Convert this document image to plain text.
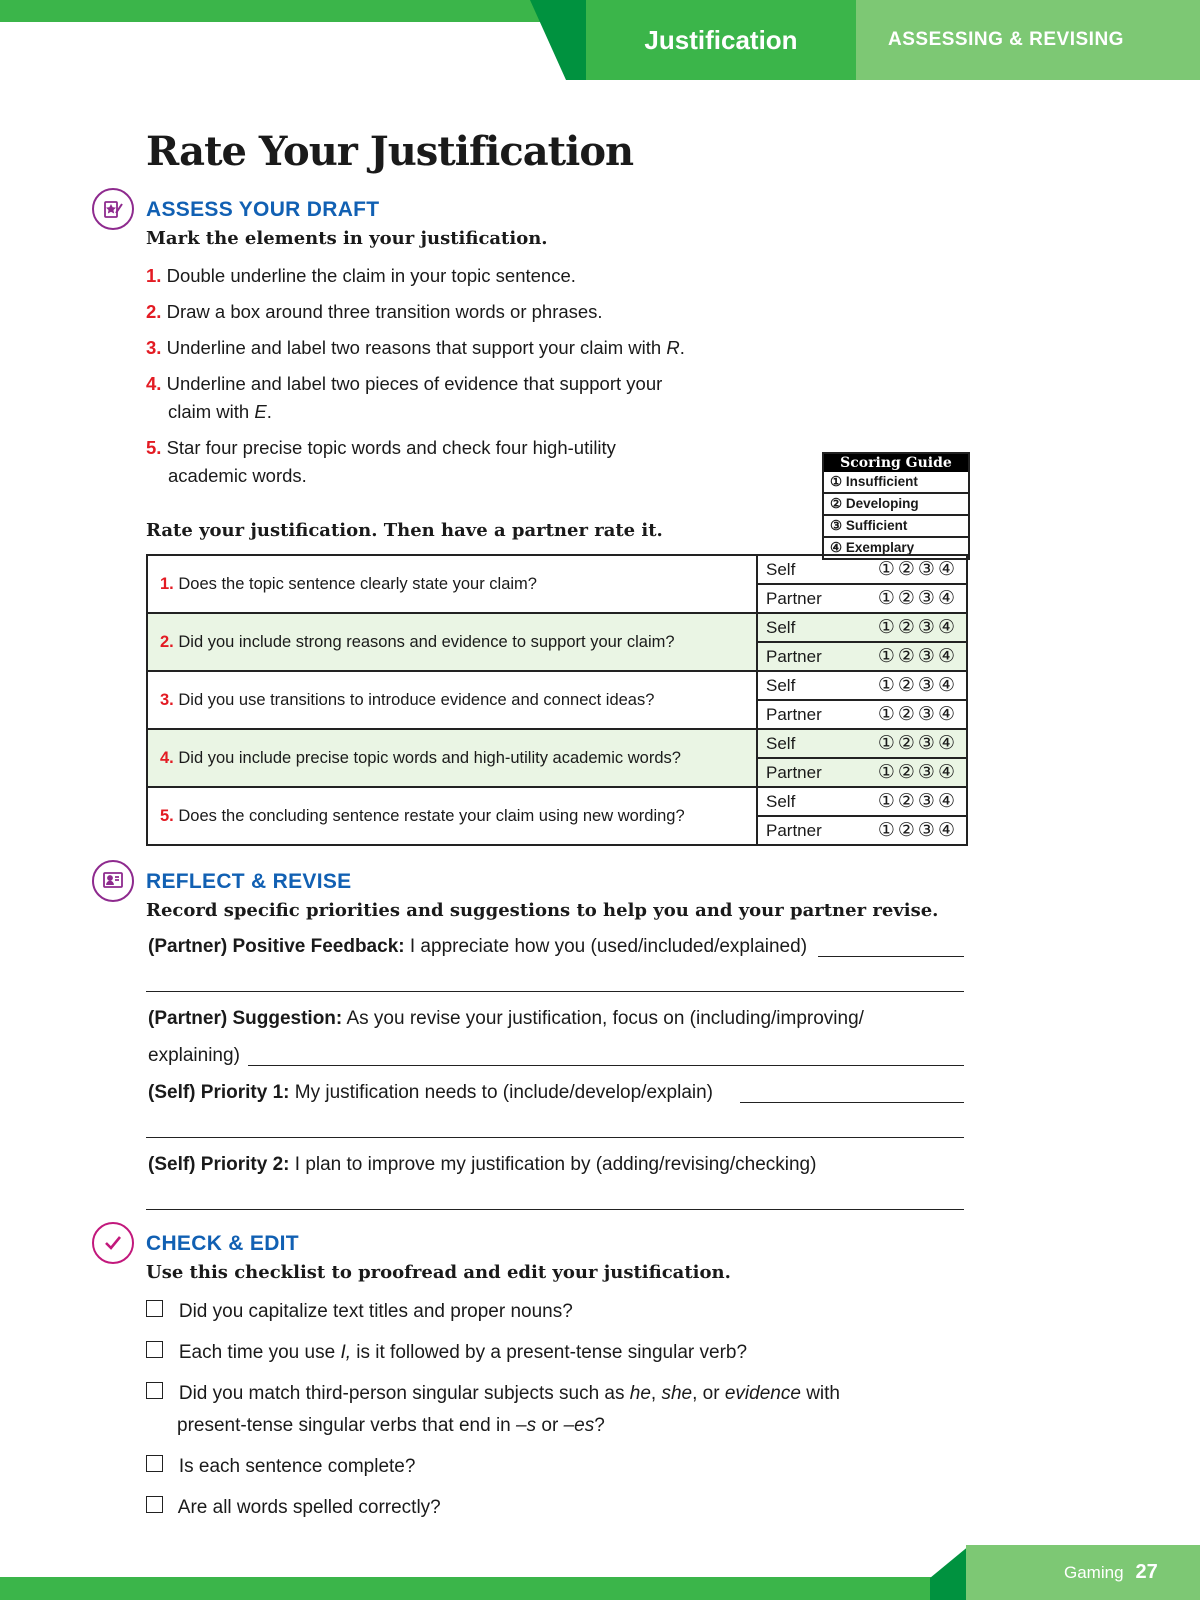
Justification	ASSESSING & REVISING
Rate Your Justification
ASSESS YOUR DRAFT
Mark the elements in your justification.
1. Double underline the claim in your topic sentence.
2. Draw a box around three transition words or phrases.
3. Underline and label two reasons that support your claim with R.
4. Underline and label two pieces of evidence that support your
claim with E.
5. Star four precise topic words and check four high-utility
academic words.
Rate your justification. Then have a partner rate it.
Scoring Guide
① Insufficient
② Developing
③ Sufficient
④ Exemplary
1. Does the topic sentence clearly state your claim?	Self	①②③④
	Partner	①②③④
2. Did you include strong reasons and evidence to support your claim?	Self	①②③④
	Partner	①②③④
3. Did you use transitions to introduce evidence and connect ideas?	Self	①②③④
	Partner	①②③④
4. Did you include precise topic words and high-utility academic words?	Self	①②③④
	Partner	①②③④
5. Does the concluding sentence restate your claim using new wording?	Self	①②③④
	Partner	①②③④
REFLECT & REVISE
Record specific priorities and suggestions to help you and your partner revise.
(Partner) Positive Feedback: I appreciate how you (used/included/explained)
(Partner) Suggestion: As you revise your justification, focus on (including/improving/
explaining)
(Self) Priority 1: My justification needs to (include/develop/explain)
(Self) Priority 2: I plan to improve my justification by (adding/revising/checking)
CHECK & EDIT
Use this checklist to proofread and edit your justification.
Did you capitalize text titles and proper nouns?
Each time you use I, is it followed by a present-tense singular verb?
Did you match third-person singular subjects such as he, she, or evidence with
present-tense singular verbs that end in –s or –es?
Is each sentence complete?
Are all words spelled correctly?
Gaming 27
